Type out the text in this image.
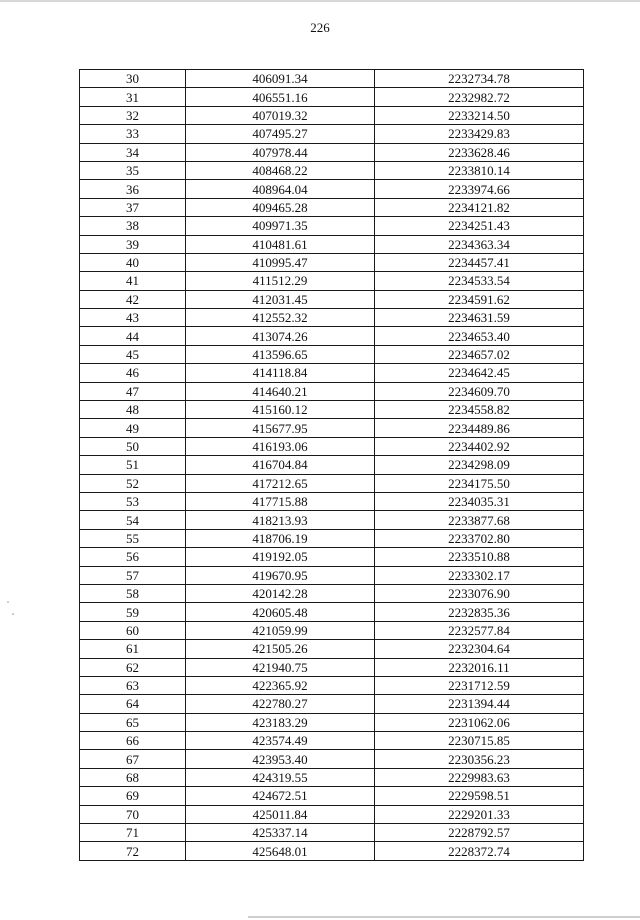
226
30	406091.34	2232734.78
31	406551.16	2232982.72
32	407019.32	2233214.50
33	407495.27	2233429.83
34	407978.44	2233628.46
35	408468.22	2233810.14
36	408964.04	2233974.66
37	409465.28	2234121.82
38	409971.35	2234251.43
39	410481.61	2234363.34
40	410995.47	2234457.41
41	411512.29	2234533.54
42	412031.45	2234591.62
43	412552.32	2234631.59
44	413074.26	2234653.40
45	413596.65	2234657.02
46	414118.84	2234642.45
47	414640.21	2234609.70
48	415160.12	2234558.82
49	415677.95	2234489.86
50	416193.06	2234402.92
51	416704.84	2234298.09
52	417212.65	2234175.50
53	417715.88	2234035.31
54	418213.93	2233877.68
55	418706.19	2233702.80
56	419192.05	2233510.88
57	419670.95	2233302.17
58	420142.28	2233076.90
59	420605.48	2232835.36
60	421059.99	2232577.84
61	421505.26	2232304.64
62	421940.75	2232016.11
63	422365.92	2231712.59
64	422780.27	2231394.44
65	423183.29	2231062.06
66	423574.49	2230715.85
67	423953.40	2230356.23
68	424319.55	2229983.63
69	424672.51	2229598.51
70	425011.84	2229201.33
71	425337.14	2228792.57
72	425648.01	2228372.74
